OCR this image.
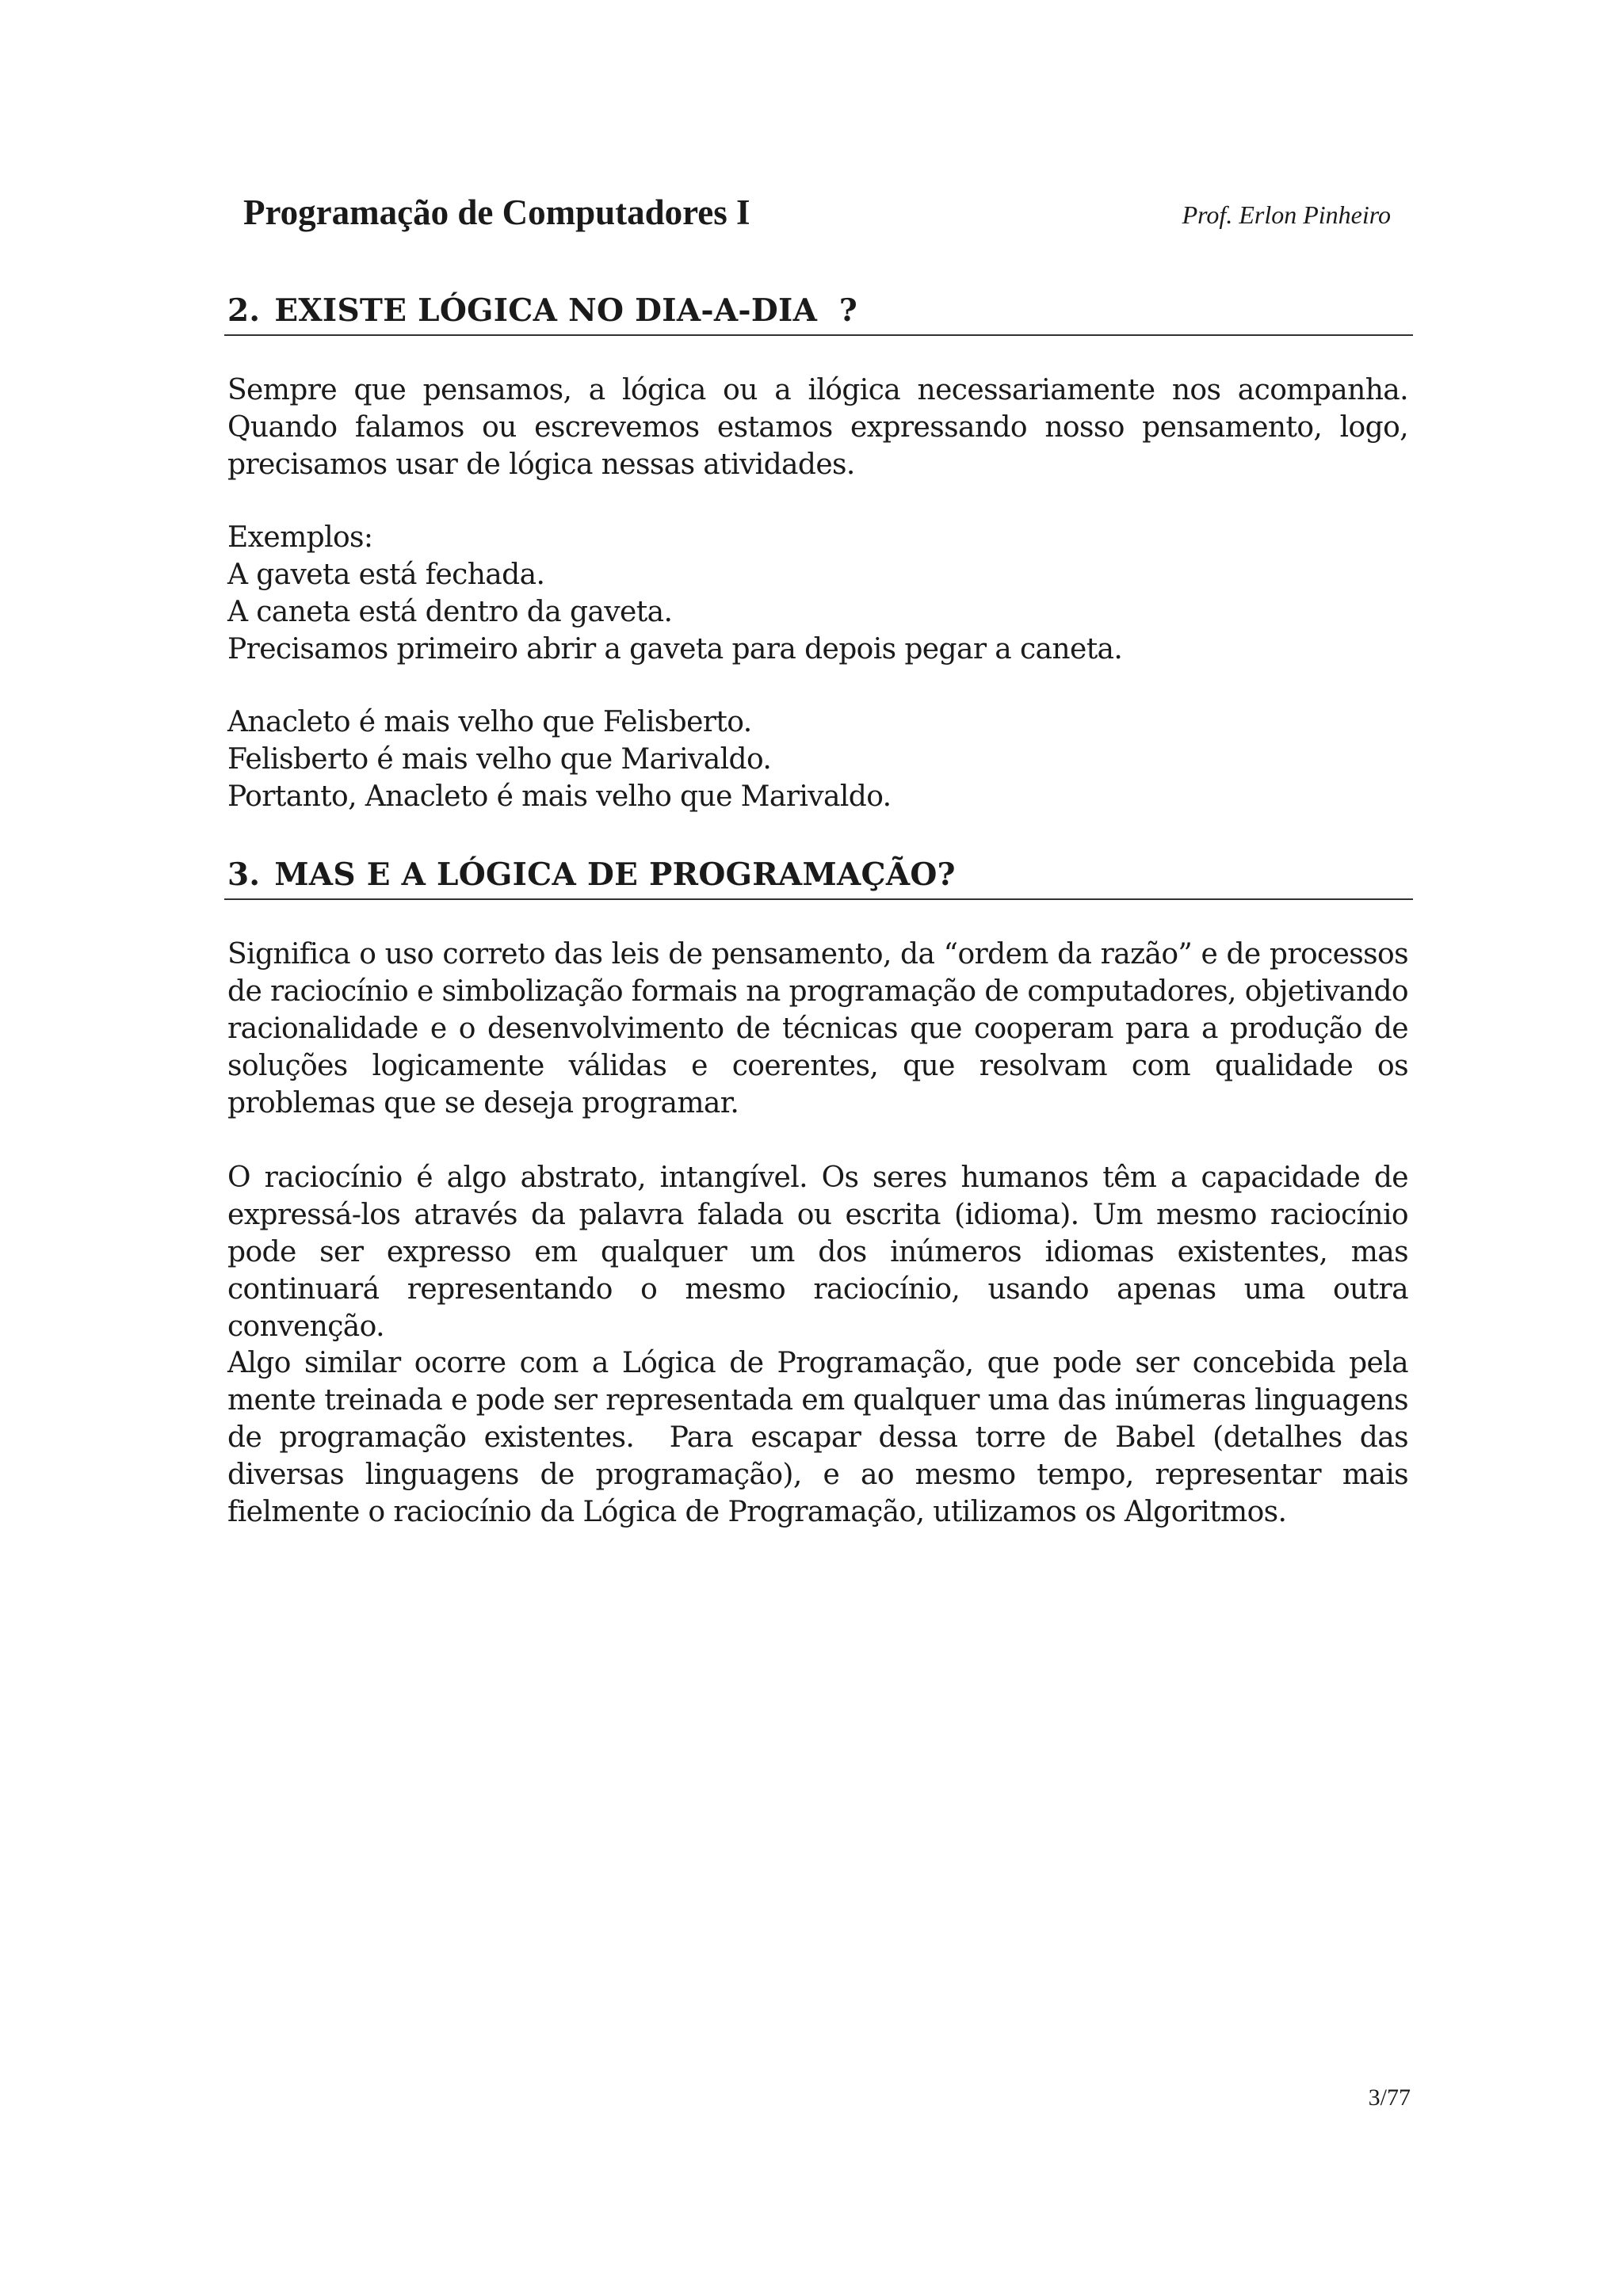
Programação de Computadores I	Prof. Erlon Pinheiro
2. EXISTE LÓGICA NO DIA-A-DIA  ?
Sempre que pensamos, a lógica ou a ilógica necessariamente nos acompanha. Quando falamos ou escrevemos estamos expressando nosso pensamento, logo, precisamos usar de lógica nessas atividades.
Exemplos:
A gaveta está fechada.
A caneta está dentro da gaveta.
Precisamos primeiro abrir a gaveta para depois pegar a caneta.
Anacleto é mais velho que Felisberto.
Felisberto é mais velho que Marivaldo.
Portanto, Anacleto é mais velho que Marivaldo.
3. MAS E A LÓGICA DE PROGRAMAÇÃO?
Significa o uso correto das leis de pensamento, da “ordem da razão” e de processos de raciocínio e simbolização formais na programação de computadores, objetivando racionalidade e o desenvolvimento de técnicas que cooperam para a produção de soluções logicamente válidas e coerentes, que resolvam com qualidade os problemas que se deseja programar.
O raciocínio é algo abstrato, intangível. Os seres humanos têm a capacidade de expressá-los através da palavra falada ou escrita (idioma). Um mesmo raciocínio pode ser expresso em qualquer um dos inúmeros idiomas existentes, mas continuará representando o mesmo raciocínio, usando apenas uma outra convenção.
Algo similar ocorre com a Lógica de Programação, que pode ser concebida pela mente treinada e pode ser representada em qualquer uma das inúmeras linguagens de programação existentes.  Para escapar dessa torre de Babel (detalhes das diversas linguagens de programação), e ao mesmo tempo, representar mais fielmente o raciocínio da Lógica de Programação, utilizamos os Algoritmos.
3/77
